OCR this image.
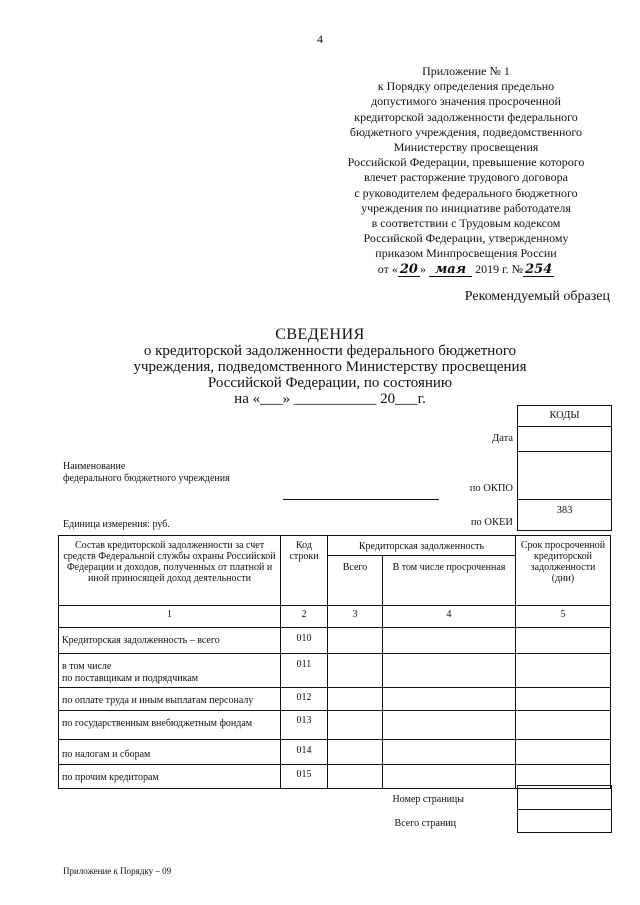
4
Приложение № 1
к Порядку определения предельно
допустимого значения просроченной
кредиторской задолженности федерального
бюджетного учреждения, подведомственного
Министерству просвещения
Российской Федерации, превышение которого
влечет расторжение трудового договора
с руководителем федерального бюджетного
учреждения по инициативе работодателя
в соответствии с Трудовым кодексом
Российской Федерации, утвержденному
приказом Минпросвещения России
от « 20 » мая 2019 г. № 254
Рекомендуемый образец
СВЕДЕНИЯ
о кредиторской задолженности федерального бюджетного
учреждения, подведомственного Министерству просвещения
Российской Федерации, по состоянию
на «___» ___________ 20___г.
КОДЫ
Дата
по ОКПО
по ОКЕИ
383
Наименование
федерального бюджетного учреждения
Единица измерения: руб.
Состав кредиторской задолженности за счет средств Федеральной службы охраны Российской Федерации и доходов, полученных от платной и иной приносящей доход деятельности	Код строки	Кредиторская задолженность		Срок просроченной кредиторской задолженности (дни)
		Всего	В том числе просроченная	
1	2	3	4	5
Кредиторская задолженность – всего	010			
в том числе
по поставщикам и подрядчикам	011			
по оплате труда и иным выплатам персоналу	012			
по государственным внебюджетным фондам	013			
по налогам и сборам	014			
по прочим кредиторам	015			
Номер страницы
Всего страниц
Приложение к Порядку – 09
